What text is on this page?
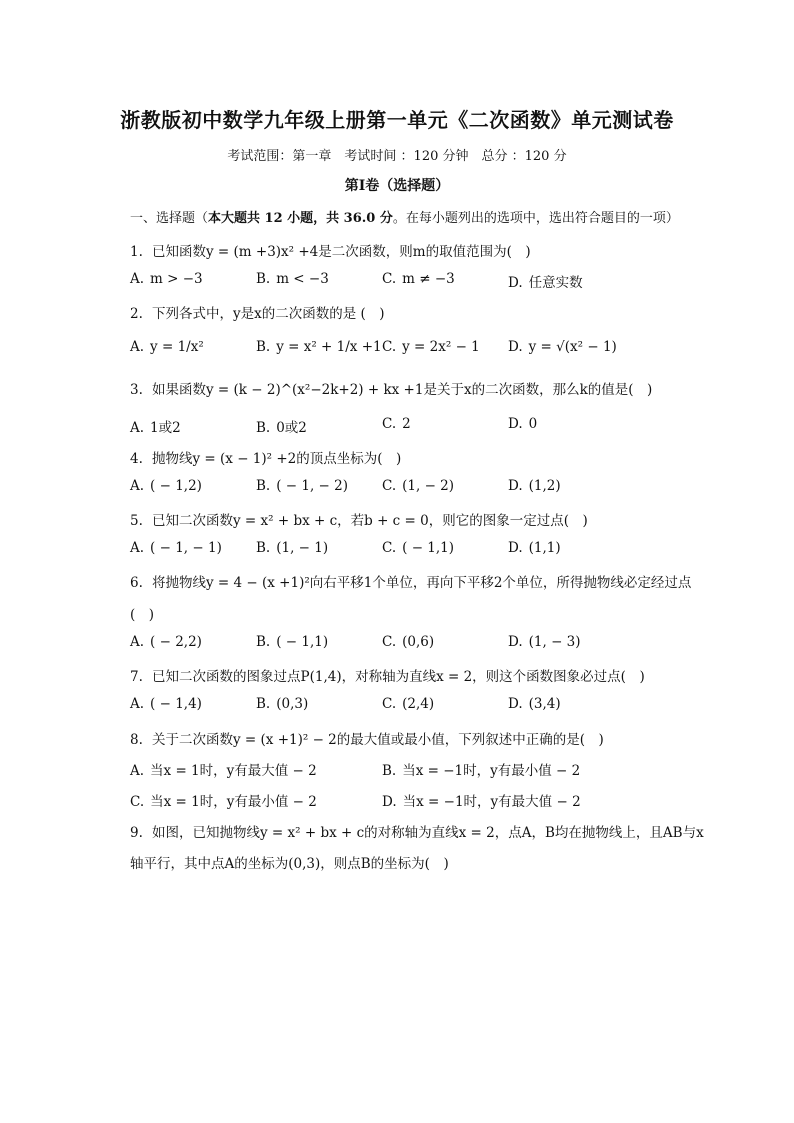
浙教版初中数学九年级上册第一单元《二次函数》单元测试卷
考试范围：第一章　考试时间 ：120 分钟　总分 ：120 分
第Ⅰ卷（选择题）
一、选择题（本大题共 12 小题，共 36.0 分。在每小题列出的选项中，选出符合题目的一项）
1. 已知函数y = (m +3)x² +4是二次函数，则m的取值范围为(　)
A. m > −3	B. m < −3	C. m ≠ −3	D. 任意实数
2. 下列各式中，y是x的二次函数的是 (　)
A. y = 1/x²	B. y = x² + 1/x +1 C. y = 2x² − 1 D. y = √(x² − 1)
3. 如果函数y = (k − 2)^(x²−2k+2) + kx +1是关于x的二次函数，那么k的值是(　)
A. 1或2	B. 0或2	C. 2	D. 0
4. 抛物线y = (x − 1)² +2的顶点坐标为(　)
A. ( − 1,2)	B. ( − 1, − 2)	C. (1, − 2)	D. (1,2)
5. 已知二次函数y = x² + bx + c，若b + c = 0，则它的图象一定过点(　)
A. ( − 1, − 1)	B. (1, − 1)	C. ( − 1,1)	D. (1,1)
6. 将抛物线y = 4 − (x +1)²向右平移1个单位，再向下平移2个单位，所得抛物线必定经过点
(　)
A. ( − 2,2)	B. ( − 1,1)	C. (0,6)	D. (1, − 3)
7. 已知二次函数的图象过点P(1,4)，对称轴为直线x = 2，则这个函数图象必过点(　)
A. ( − 1,4)	B. (0,3)	C. (2,4)	D. (3,4)
8. 关于二次函数y = (x +1)² − 2的最大值或最小值，下列叙述中正确的是(　)
A. 当x = 1时，y有最大值 − 2	B. 当x = −1时，y有最小值 − 2
C. 当x = 1时，y有最小值 − 2	D. 当x = −1时，y有最大值 − 2
9. 如图，已知抛物线y = x² + bx + c的对称轴为直线x = 2，点A，B均在抛物线上，且AB与x
轴平行，其中点A的坐标为(0,3)，则点B的坐标为(　)
